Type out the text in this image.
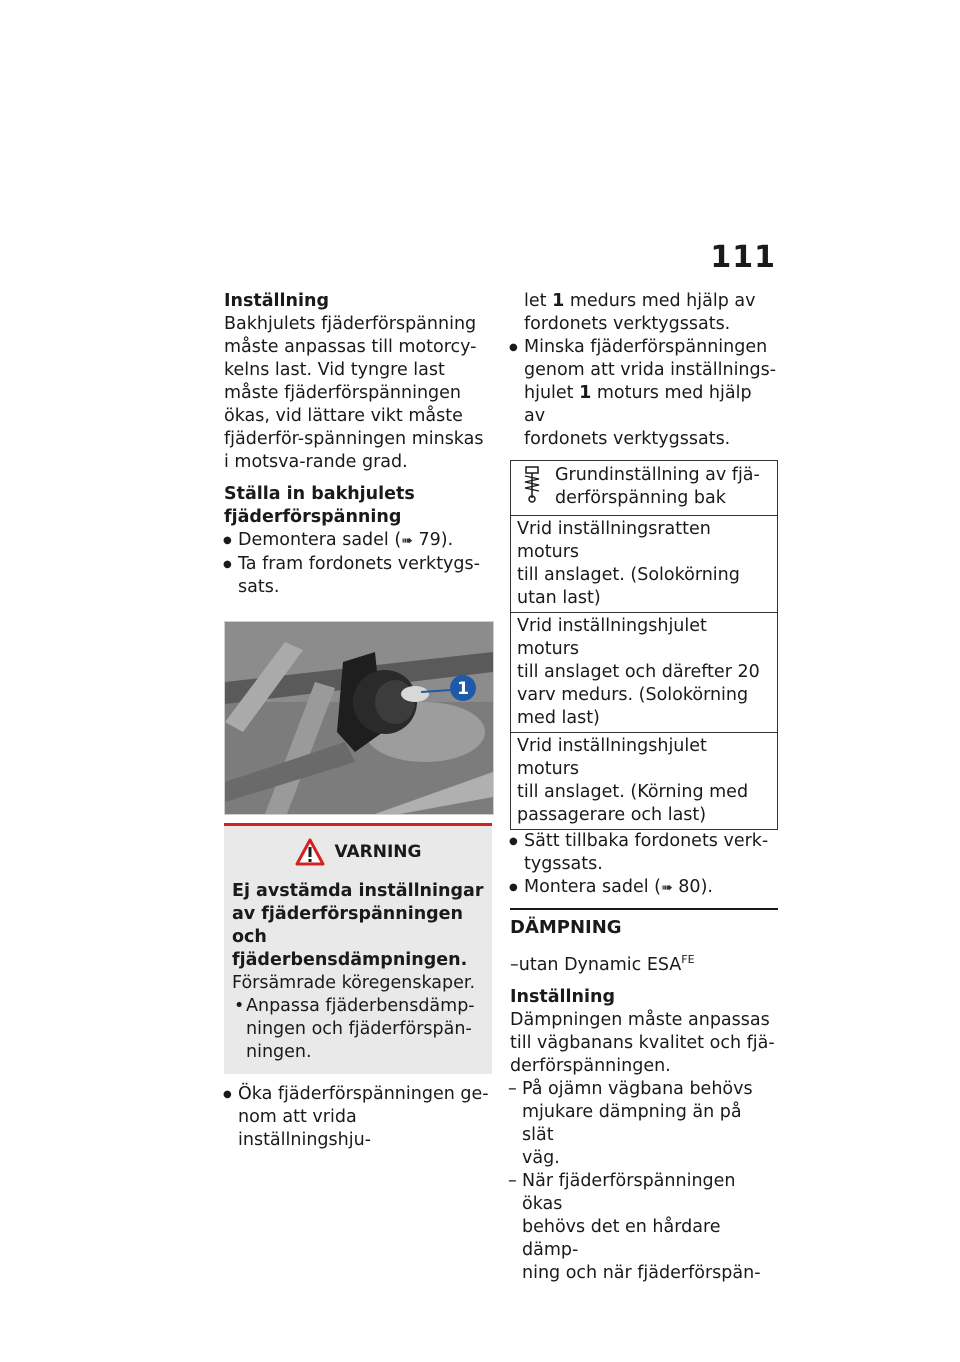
111

Inställning

Bakhjulets fjäderförspänning måste anpassas till motorcy-kelns last. Vid tyngre last måste fjäderförspänningen ökas, vid lättare vikt måste fjäderför-spänningen minskas i motsva-rande grad.

Ställa in bakhjulets

fjäderförspänning

● Demontera sadel (➠ 79).

● Ta fram fordonets verktygs-

sats.

1
VARNING

Ej avstämda inställningar

av fjäderförspänningen och

fjäderbensdämpningen.

Försämrade köregenskaper.

• Anpassa fjäderbensdämp-

ningen och fjäderförspän-

ningen.

● Öka fjäderförspänningen ge-

nom att vrida inställningshju-

let 1 medurs med hjälp av

fordonets verktygssats.

● Minska fjäderförspänningen

genom att vrida inställnings-

hjulet 1 moturs med hjälp av

fordonets verktygssats.

Grundinställning av fjä-

derförspänning bak

Vrid inställningsratten moturs

till anslaget. (Solokörning

utan last)

Vrid inställningshjulet moturs

till anslaget och därefter 20

varv medurs. (Solokörning

med last)

Vrid inställningshjulet moturs

till anslaget. (Körning med

passagerare och last)

● Sätt tillbaka fordonets verk-

tygssats.

● Montera sadel (➠ 80).

DÄMPNING

–utan Dynamic $ESA^{FE}$

Inställning

Dämpningen måste anpassas

till vägbanans kvalitet och fjä-

derförspänningen.

– På ojämn vägbana behövs

mjukare dämpning än på slät

väg.

– När fjäderförspänningen ökas

behövs det en hårdare dämp-

ning och när fjäderförspän-
